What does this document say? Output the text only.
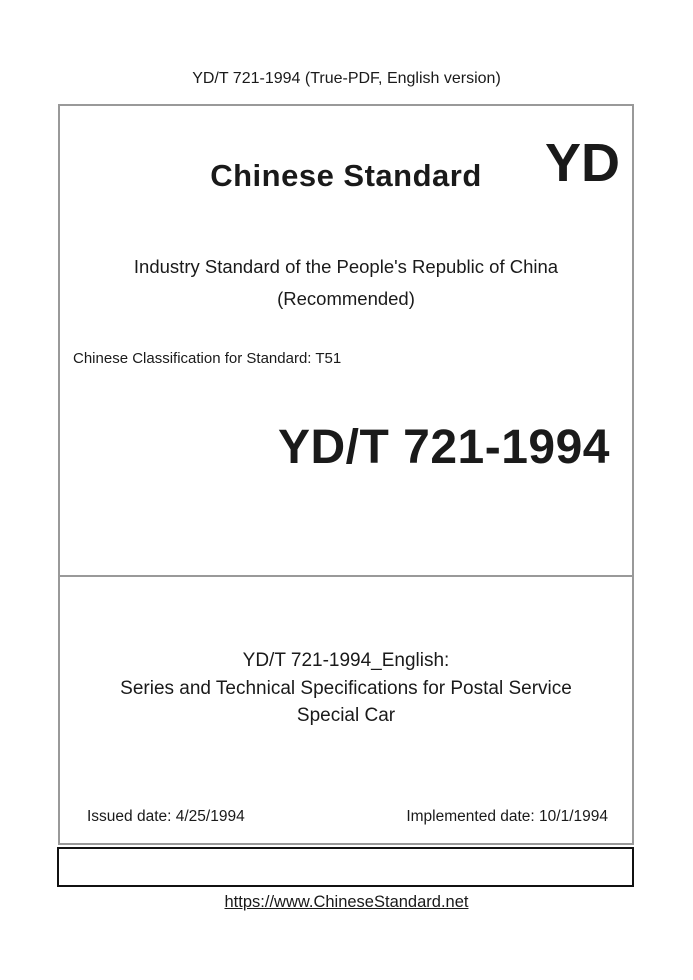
YD/T 721-1994 (True-PDF, English version)
Chinese Standard	YD
Industry Standard of the People's Republic of China
(Recommended)
Chinese Classification for Standard: T51
YD/T 721-1994
YD/T 721-1994_English:
Series and Technical Specifications for Postal Service
Special Car
Issued date: 4/25/1994	Implemented date: 10/1/1994
https://www.ChineseStandard.net
